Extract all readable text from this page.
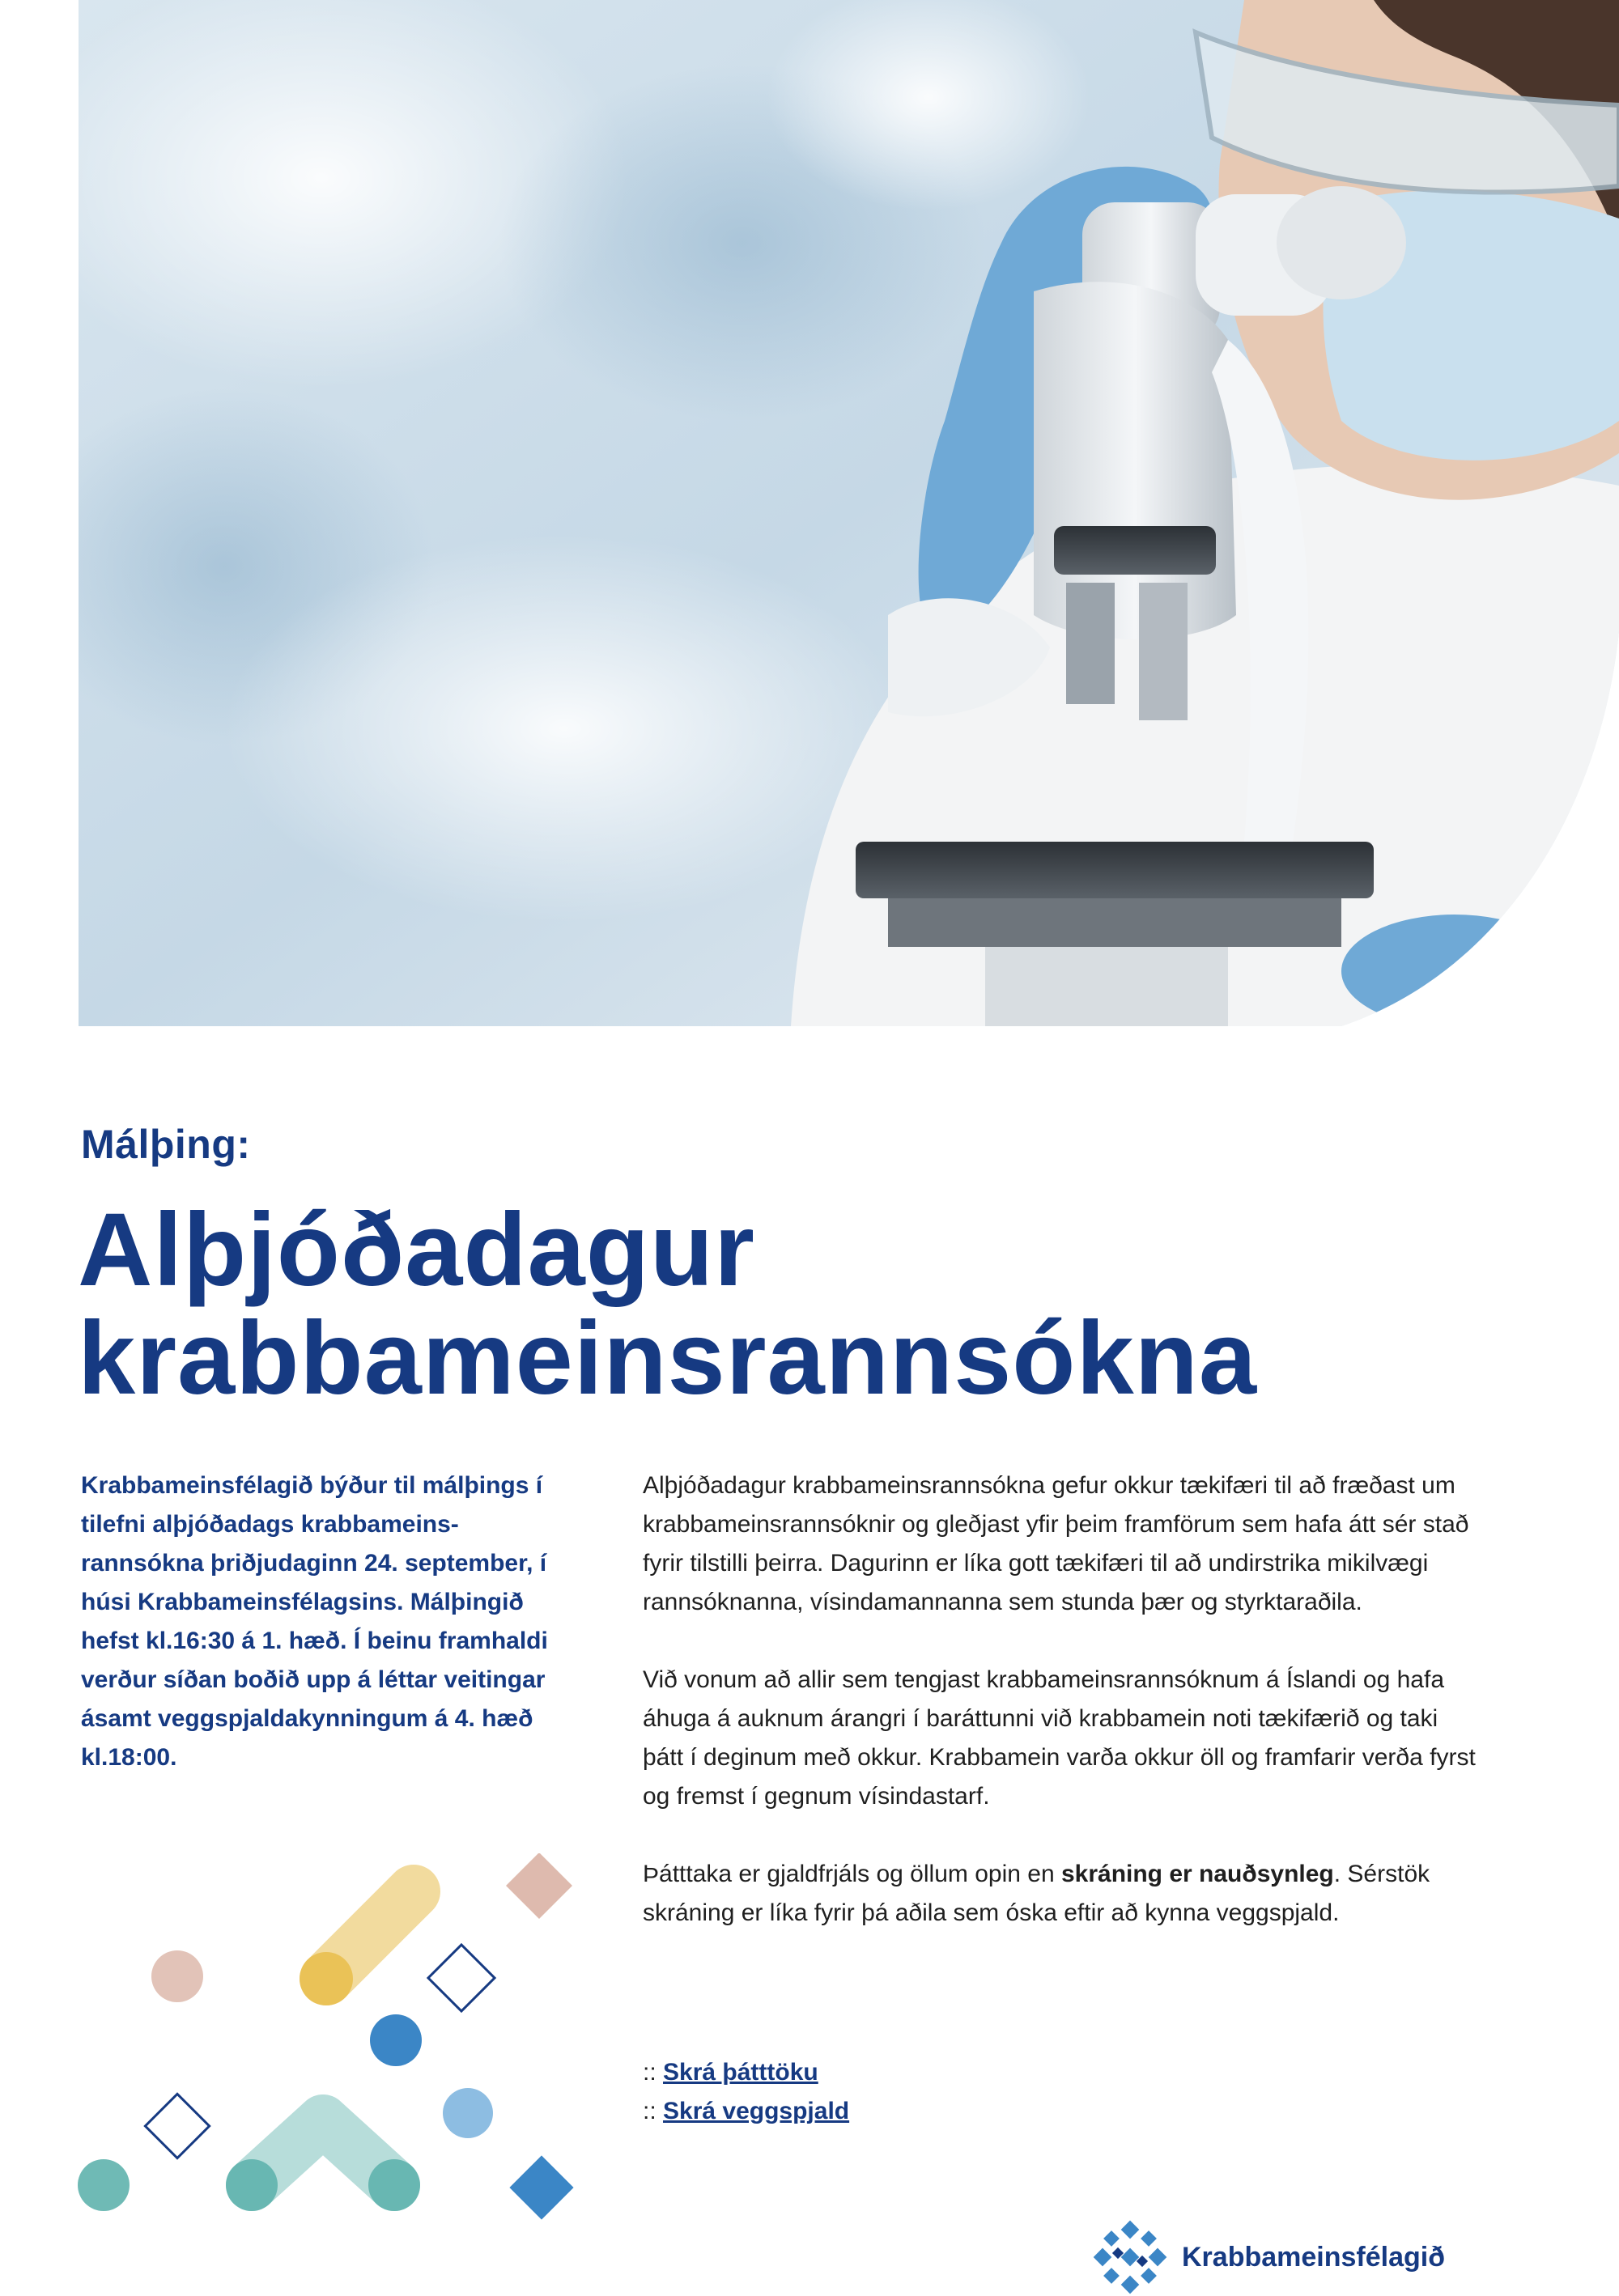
Málþing:
Alþjóðadagur
krabbameinsrannsókna

Krabbameinsfélagið býður til málþings í tilefni alþjóðadags krabbameins-rannsókna þriðjudaginn 24. september, í húsi Krabbameinsfélagsins. Málþingið hefst kl.16:30 á 1. hæð. Í beinu framhaldi verður síðan boðið upp á léttar veitingar ásamt veggspjaldakynningum á 4. hæð kl.18:00.

Alþjóðadagur krabbameinsrannsókna gefur okkur tækifæri til að fræðast um krabbameinsrannsóknir og gleðjast yfir þeim framförum sem hafa átt sér stað fyrir tilstilli þeirra. Dagurinn er líka gott tækifæri til að undirstrika mikilvægi rannsóknanna, vísindamannanna sem stunda þær og styrktaraðila.

Við vonum að allir sem tengjast krabbameinsrannsóknum á Íslandi og hafa áhuga á auknum árangri í baráttunni við krabbamein noti tækifærið og taki þátt í deginum með okkur. Krabbamein varða okkur öll og framfarir verða fyrst og fremst í gegnum vísindastarf.

Þátttaka er gjaldfrjáls og öllum opin en skráning er nauðsynleg. Sérstök skráning er líka fyrir þá aðila sem óska eftir að kynna veggspjald.

:: Skrá þátttöku
:: Skrá veggspjald
Krabbameinsfélagið
